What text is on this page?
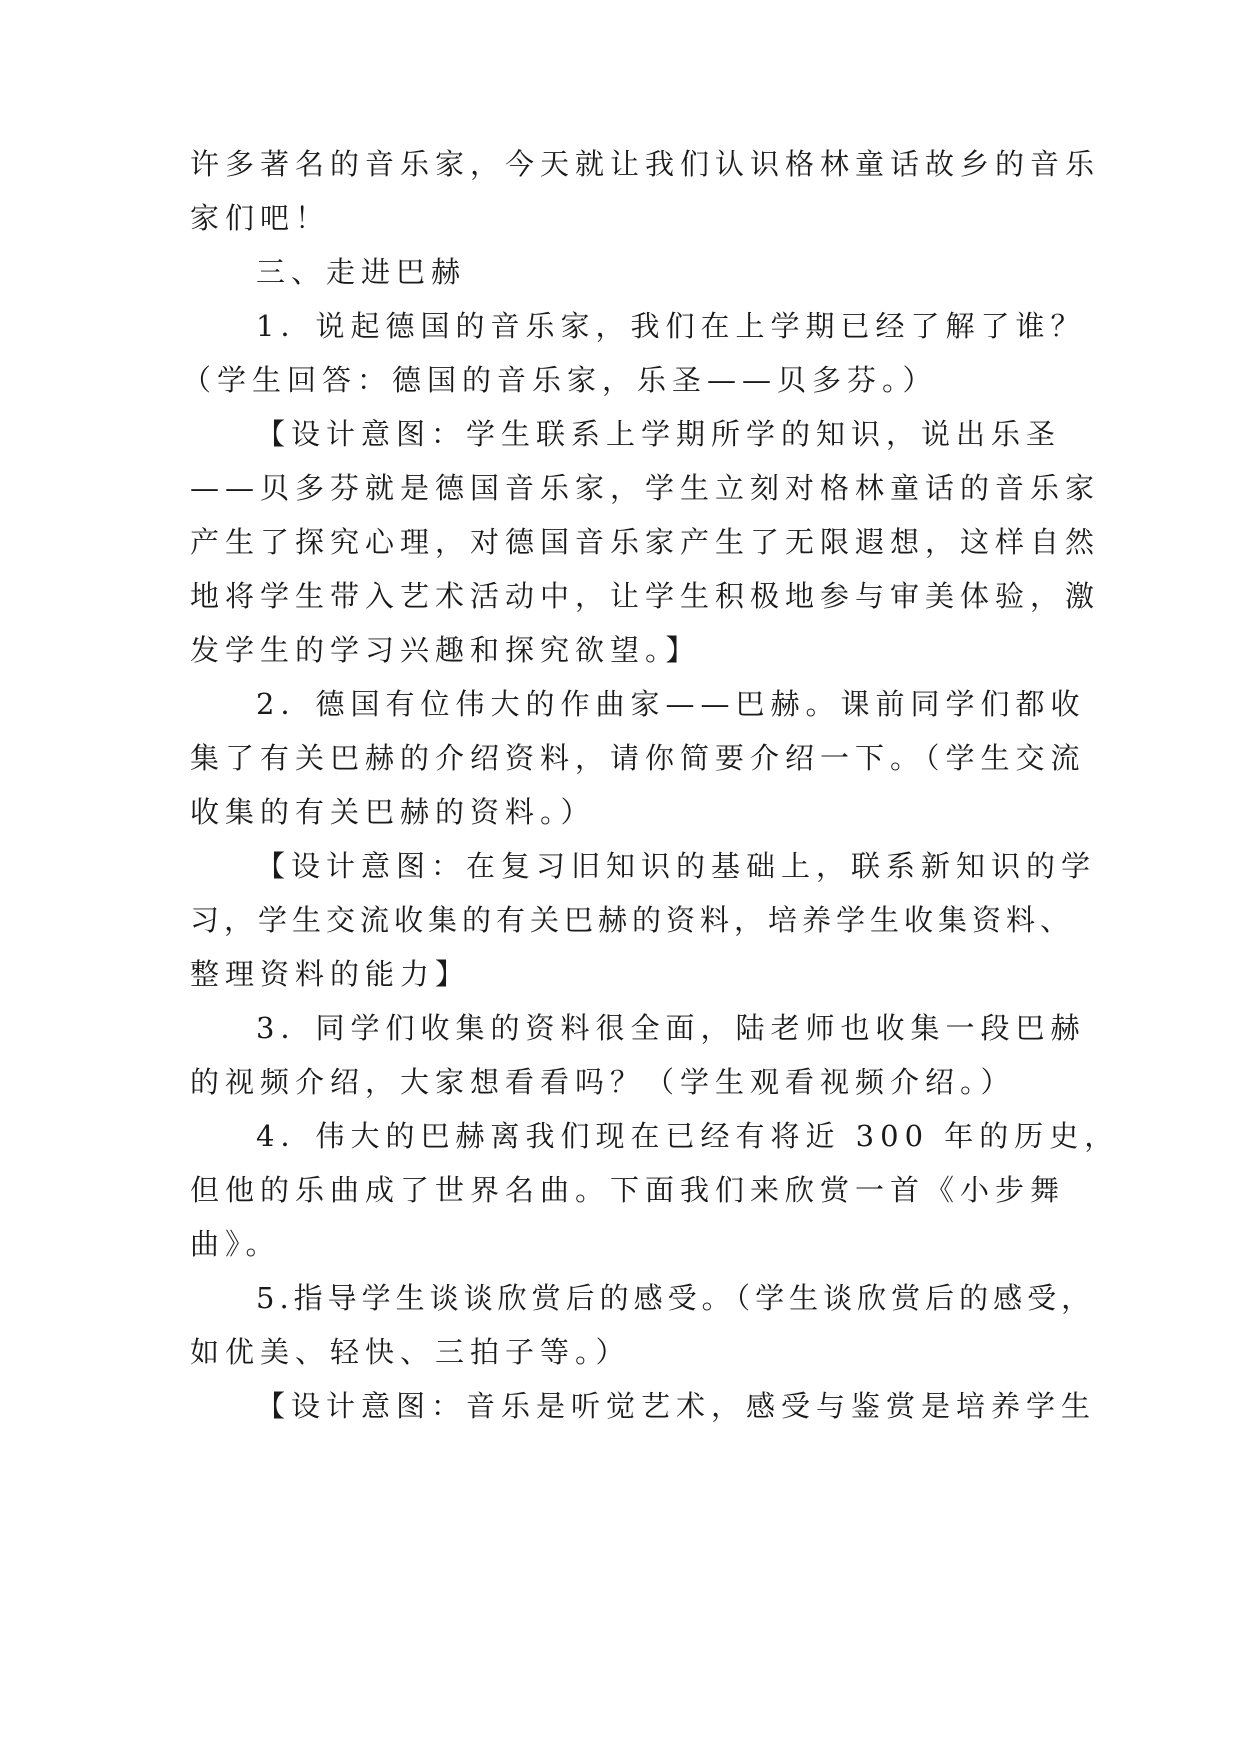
许多著名的音乐家，今天就让我们认识格林童话故乡的音乐
家们吧！
三、走进巴赫
1．说起德国的音乐家，我们在上学期已经了解了谁？
（学生回答：德国的音乐家，乐圣——贝多芬。）
【设计意图：学生联系上学期所学的知识，说出乐圣
——贝多芬就是德国音乐家，学生立刻对格林童话的音乐家
产生了探究心理，对德国音乐家产生了无限遐想，这样自然
地将学生带入艺术活动中，让学生积极地参与审美体验，激
发学生的学习兴趣和探究欲望。】
2．德国有位伟大的作曲家——巴赫。课前同学们都收
集了有关巴赫的介绍资料，请你简要介绍一下。（学生交流
收集的有关巴赫的资料。）
【设计意图：在复习旧知识的基础上，联系新知识的学
习，学生交流收集的有关巴赫的资料，培养学生收集资料、
整理资料的能力】
3．同学们收集的资料很全面，陆老师也收集一段巴赫
的视频介绍，大家想看看吗？（学生观看视频介绍。）
4．伟大的巴赫离我们现在已经有将近 300 年的历史，
但他的乐曲成了世界名曲。下面我们来欣赏一首《小步舞
曲》。
5.指导学生谈谈欣赏后的感受。（学生谈欣赏后的感受，
如优美、轻快、三拍子等。）
【设计意图：音乐是听觉艺术，感受与鉴赏是培养学生
